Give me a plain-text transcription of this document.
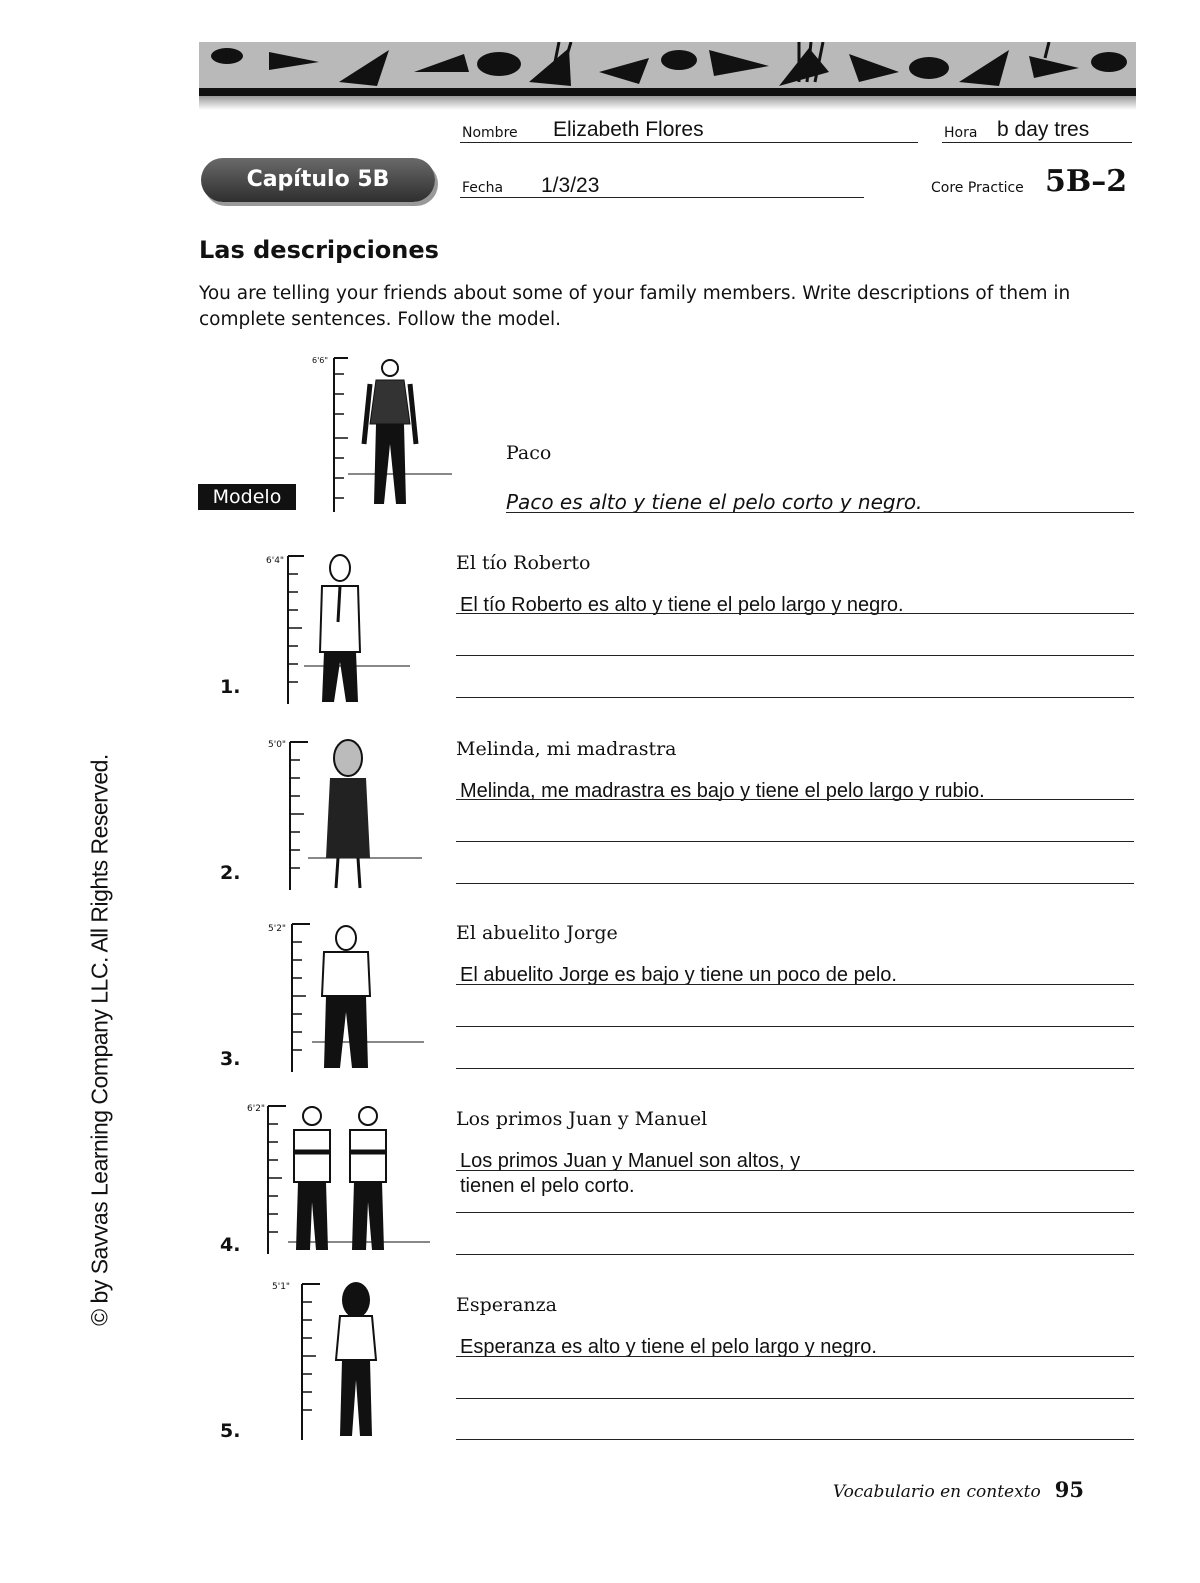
Nombre Elizabeth Flores	Hora b day tres
Capítulo 5B	Fecha 1/3/23	Core Practice 5B–2
Las descripciones
You are telling your friends about some of your family members. Write descriptions of them in complete sentences. Follow the model.
© by Savvas Learning Company LLC. All Rights Reserved.
Modelo
6'6"
Paco
Paco es alto y tiene el pelo corto y negro.
1.
6'4"	El tío Roberto
El tío Roberto es alto y tiene el pelo largo y negro.
2.
5'0"	Melinda, mi madrastra
Melinda, me madrastra es bajo y tiene el pelo largo y rubio.
3.
5'2"	El abuelito Jorge
El abuelito Jorge es bajo y tiene un poco de pelo.
4.
6'2"	Los primos Juan y Manuel
Los primos Juan y Manuel son altos, y
tienen el pelo corto.
5.
5'1"
Esperanza
Esperanza es alto y tiene el pelo largo y negro.
Vocabulario en contexto 95
